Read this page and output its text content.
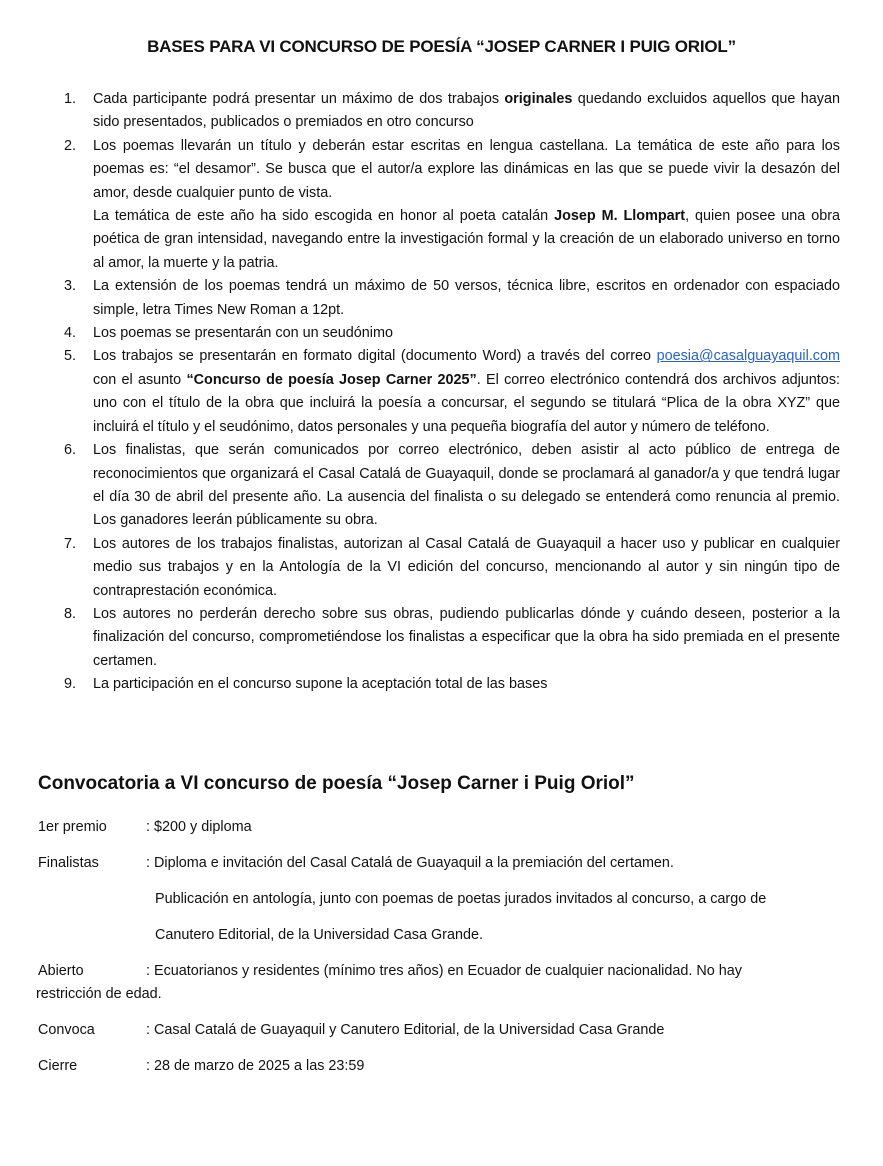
BASES PARA VI CONCURSO DE POESÍA “JOSEP CARNER I PUIG ORIOL”
1. Cada participante podrá presentar un máximo de dos trabajos originales quedando excluidos aquellos que hayan sido presentados, publicados o premiados en otro concurso
2. Los poemas llevarán un título y deberán estar escritas en lengua castellana. La temática de este año para los poemas es: “el desamor”. Se busca que el autor/a explore las dinámicas en las que se puede vivir la desazón del amor, desde cualquier punto de vista.
La temática de este año ha sido escogida en honor al poeta catalán Josep M. Llompart, quien posee una obra poética de gran intensidad, navegando entre la investigación formal y la creación de un elaborado universo en torno al amor, la muerte y la patria.
3. La extensión de los poemas tendrá un máximo de 50 versos, técnica libre, escritos en ordenador con espaciado simple, letra Times New Roman a 12pt.
4. Los poemas se presentarán con un seudónimo
5. Los trabajos se presentarán en formato digital (documento Word) a través del correo poesia@casalguayaquil.com con el asunto “Concurso de poesía Josep Carner 2025”. El correo electrónico contendrá dos archivos adjuntos: uno con el título de la obra que incluirá la poesía a concursar, el segundo se titulará “Plica de la obra XYZ” que incluirá el título y el seudónimo, datos personales y una pequeña biografía del autor y número de teléfono.
6. Los finalistas, que serán comunicados por correo electrónico, deben asistir al acto público de entrega de reconocimientos que organizará el Casal Catalá de Guayaquil, donde se proclamará al ganador/a y que tendrá lugar el día 30 de abril del presente año. La ausencia del finalista o su delegado se entenderá como renuncia al premio. Los ganadores leerán públicamente su obra.
7. Los autores de los trabajos finalistas, autorizan al Casal Catalá de Guayaquil a hacer uso y publicar en cualquier medio sus trabajos y en la Antología de la VI edición del concurso, mencionando al autor y sin ningún tipo de contraprestación económica.
8. Los autores no perderán derecho sobre sus obras, pudiendo publicarlas dónde y cuándo deseen, posterior a la finalización del concurso, comprometiéndose los finalistas a especificar que la obra ha sido premiada en el presente certamen.
9. La participación en el concurso supone la aceptación total de las bases
Convocatoria a VI concurso de poesía “Josep Carner i Puig Oriol”
1er premio	: $200 y diploma
Finalistas	: Diploma e invitación del Casal Catalá de Guayaquil a la premiación del certamen.
Publicación en antología, junto con poemas de poetas jurados invitados al concurso, a cargo de
Canutero Editorial, de la Universidad Casa Grande.
Abierto	: Ecuatorianos y residentes (mínimo tres años) en Ecuador de cualquier nacionalidad. No hay
restricción de edad.
Convoca	: Casal Catalá de Guayaquil y Canutero Editorial, de la Universidad Casa Grande
Cierre	: 28 de marzo de 2025 a las 23:59
